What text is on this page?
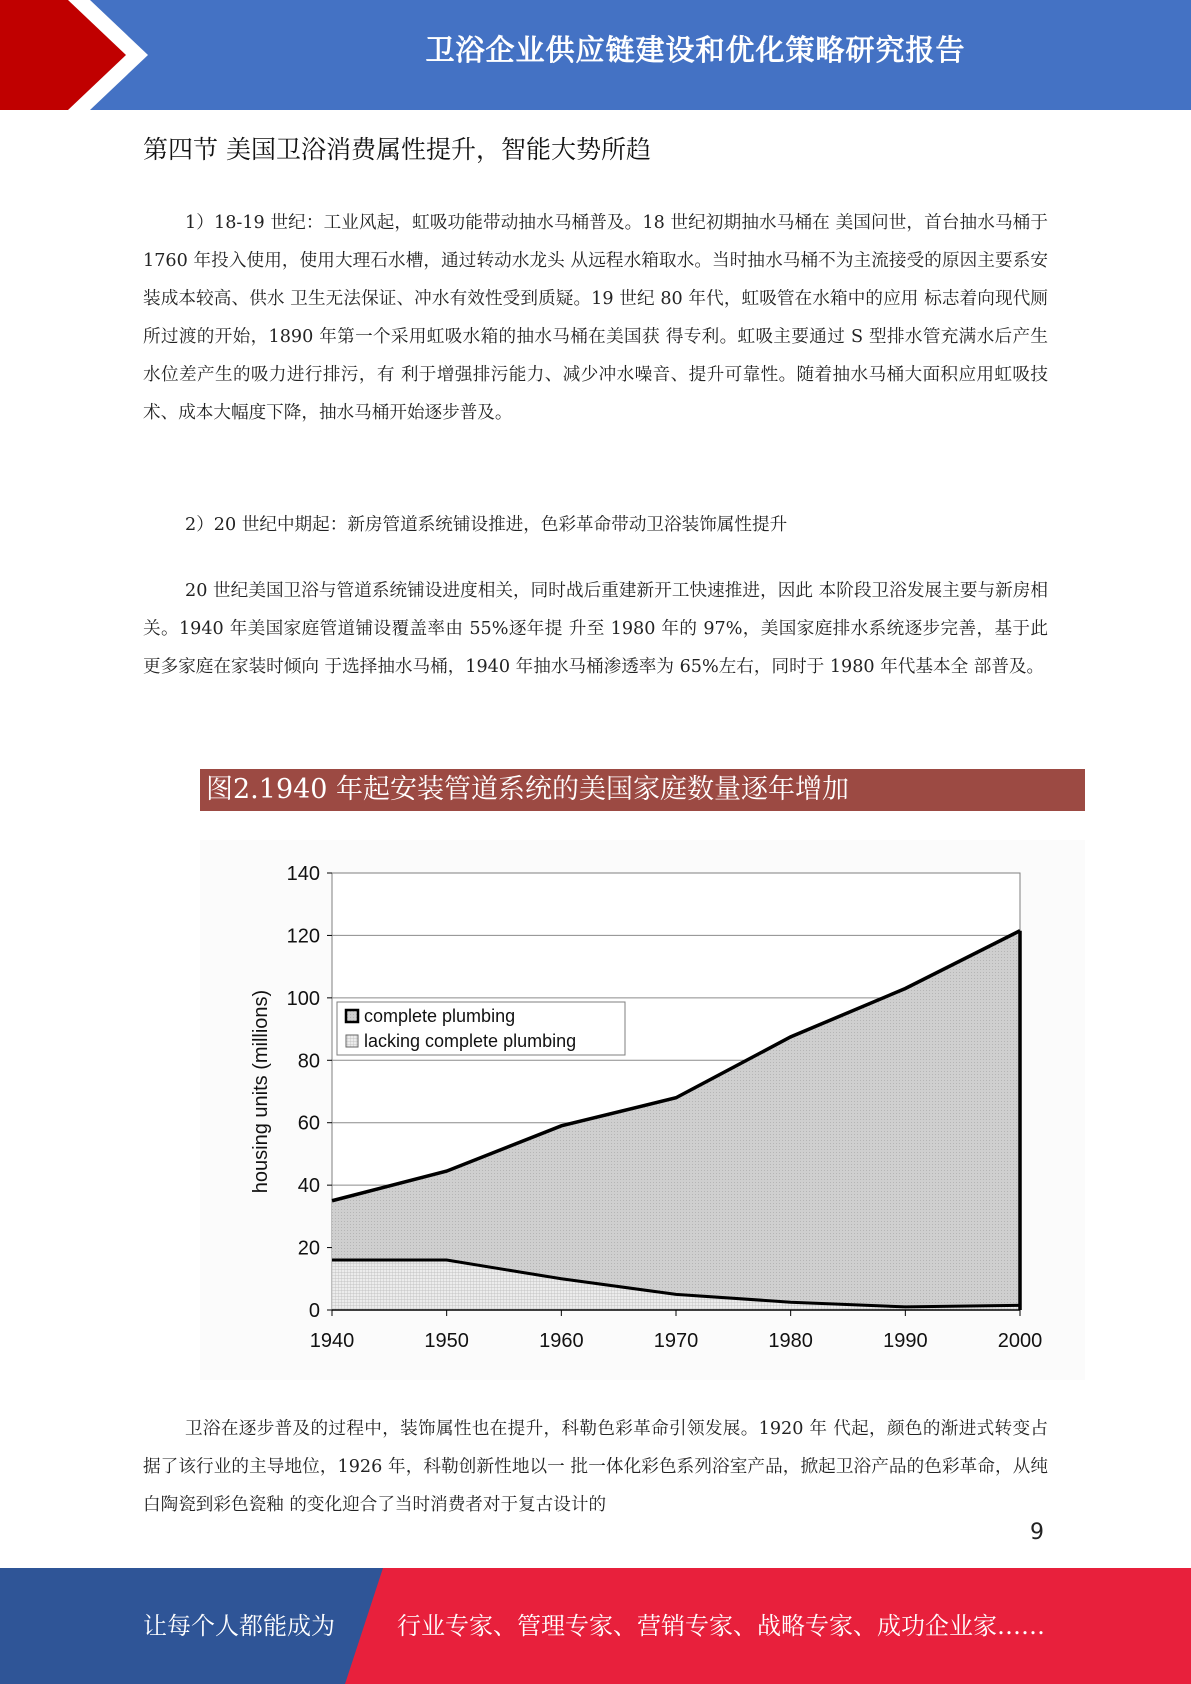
卫浴企业供应链建设和优化策略研究报告
第四节 美国卫浴消费属性提升，智能大势所趋

1）18-19 世纪：工业风起，虹吸功能带动抽水马桶普及。18 世纪初期抽水马桶在 美国问世，首台抽水马桶于 1760 年投入使用，使用大理石水槽，通过转动水龙头 从远程水箱取水。当时抽水马桶不为主流接受的原因主要系安装成本较高、供水 卫生无法保证、冲水有效性受到质疑。19 世纪 80 年代，虹吸管在水箱中的应用 标志着向现代厕所过渡的开始，1890 年第一个采用虹吸水箱的抽水马桶在美国获 得专利。虹吸主要通过 S 型排水管充满水后产生水位差产生的吸力进行排污，有 利于增强排污能力、减少冲水噪音、提升可靠性。随着抽水马桶大面积应用虹吸技术、成本大幅度下降，抽水马桶开始逐步普及。

2）20 世纪中期起：新房管道系统铺设推进，色彩革命带动卫浴装饰属性提升

20 世纪美国卫浴与管道系统铺设进度相关，同时战后重建新开工快速推进，因此 本阶段卫浴发展主要与新房相关。1940 年美国家庭管道铺设覆盖率由 55%逐年提 升至 1980 年的 97%，美国家庭排水系统逐步完善，基于此更多家庭在家装时倾向 于选择抽水马桶，1940 年抽水马桶渗透率为 65%左右，同时于 1980 年代基本全 部普及。

图2.1940 年起安装管道系统的美国家庭数量逐年增加
0
20
40
60
80
100
120
140
1940	1950	1960	1970	1980	1990	2000
housing units (millions)	complete plumbing
lacking complete plumbing

卫浴在逐步普及的过程中，装饰属性也在提升，科勒色彩革命引领发展。1920 年 代起，颜色的渐进式转变占据了该行业的主导地位，1926 年，科勒创新性地以一 批一体化彩色系列浴室产品，掀起卫浴产品的色彩革命，从纯白陶瓷到彩色瓷釉 的变化迎合了当时消费者对于复古设计的

9
让每个人都能成为	行业专家、管理专家、营销专家、战略专家、成功企业家……
